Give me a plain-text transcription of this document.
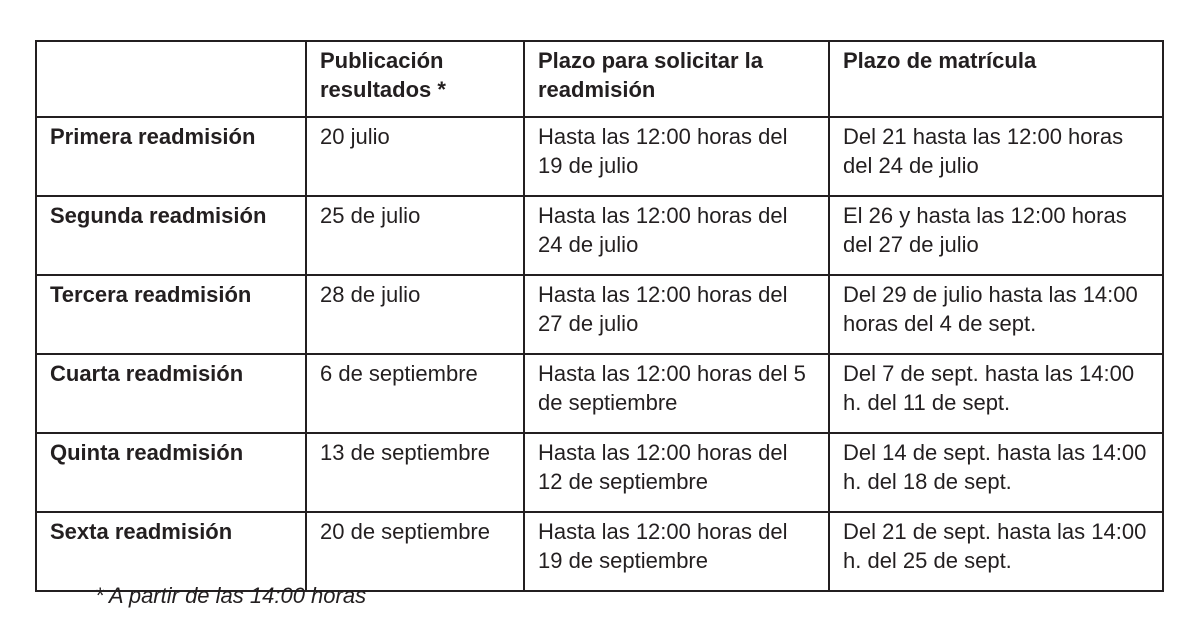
	Publicación resultados *	Plazo para solicitar la readmisión	Plazo de matrícula
Primera readmisión	20 julio	Hasta las 12:00 horas del 19 de julio	Del 21 hasta las 12:00 horas del 24 de julio
Segunda readmisión	25 de julio	Hasta las 12:00 horas del 24 de julio	El 26 y hasta las 12:00 horas del 27 de julio
Tercera readmisión	28 de julio	Hasta las 12:00 horas del 27 de julio	Del 29 de julio hasta las 14:00 horas del 4 de sept.
Cuarta readmisión	6 de septiembre	Hasta las 12:00 horas del 5 de septiembre	Del 7 de sept. hasta las 14:00 h. del 11 de sept.
Quinta readmisión	13 de septiembre	Hasta las 12:00 horas del 12 de septiembre	Del 14 de sept. hasta las 14:00 h. del 18 de sept.
Sexta readmisión	20 de septiembre	Hasta las 12:00 horas del 19 de septiembre	Del 21 de sept. hasta las 14:00 h. del 25 de sept.
* A partir de las 14:00 horas
